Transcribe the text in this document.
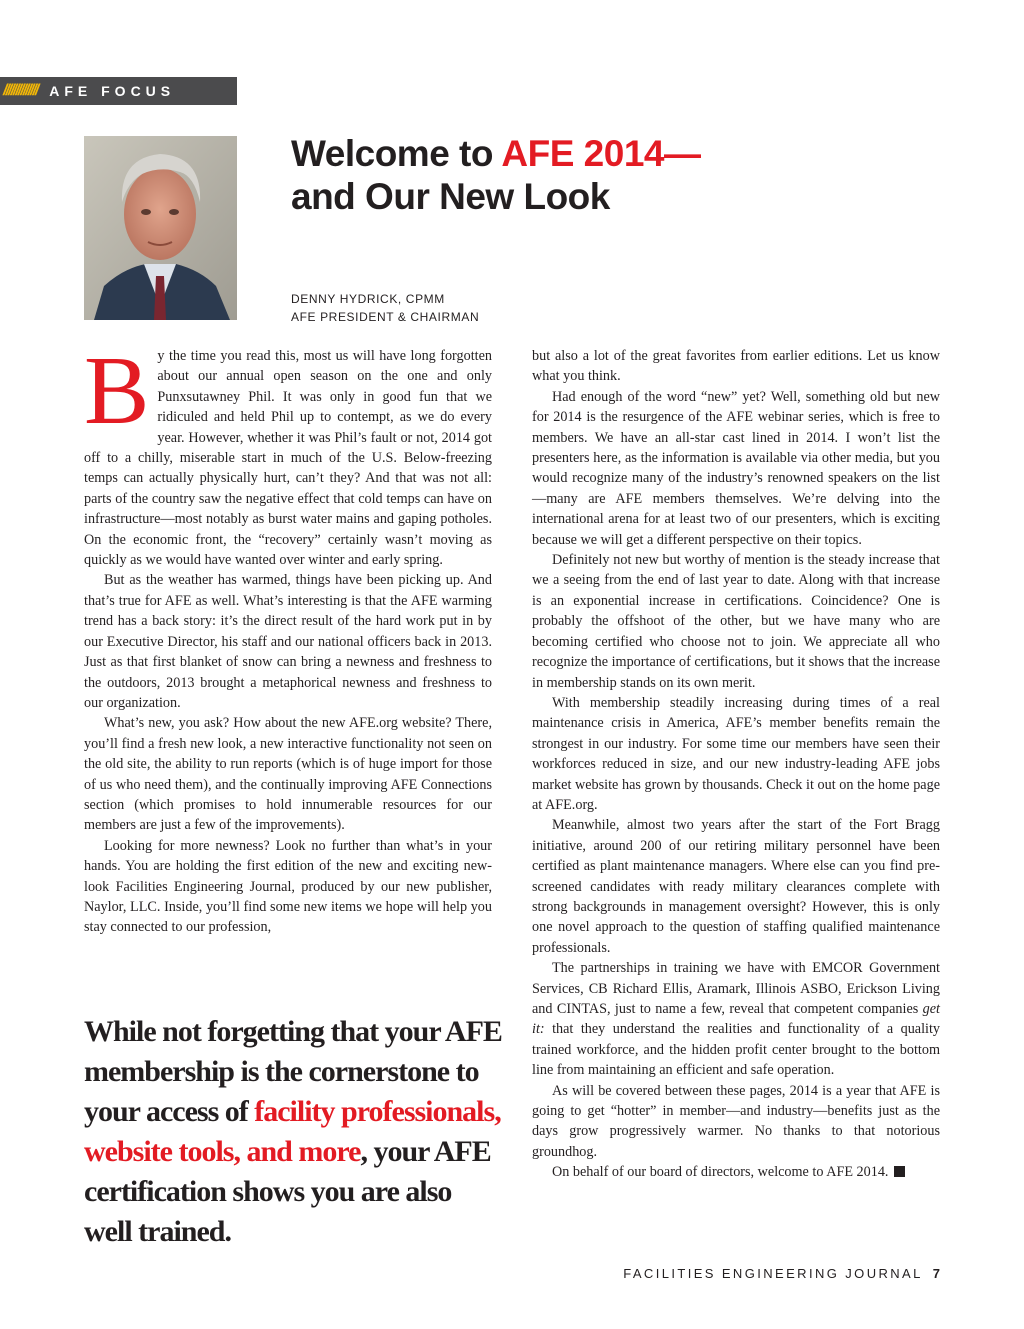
////////////// AFE FOCUS
Welcome to AFE 2014—
and Our New Look
DENNY HYDRICK, CPMM
AFE PRESIDENT & CHAIRMAN

By the time you read this, most us will have long forgotten about our annual open season on the one and only Punxsutawney Phil. It was only in good fun that we ridiculed and held Phil up to contempt, as we do every year. However, whether it was Phil’s fault or not, 2014 got off to a chilly, miserable start in much of the U.S. Below-freezing temps can actually physically hurt, can’t they? And that was not all: parts of the country saw the negative effect that cold temps can have on infrastructure—most notably as burst water mains and gaping potholes. On the economic front, the “recovery” certainly wasn’t moving as quickly as we would have wanted over winter and early spring.

But as the weather has warmed, things have been picking up. And that’s true for AFE as well. What’s interesting is that the AFE warming trend has a back story: it’s the direct result of the hard work put in by our Executive Director, his staff and our national officers back in 2013. Just as that first blanket of snow can bring a newness and freshness to the outdoors, 2013 brought a metaphorical newness and freshness to our organization.

What’s new, you ask? How about the new AFE.org website? There, you’ll find a fresh new look, a new interactive functionality not seen on the old site, the ability to run reports (which is of huge import for those of us who need them), and the continually improving AFE Connections section (which promises to hold innumerable resources for our members are just a few of the improvements).

Looking for more newness? Look no further than what’s in your hands. You are holding the first edition of the new and exciting new-look Facilities Engineering Journal, produced by our new publisher, Naylor, LLC. Inside, you’ll find some new items we hope will help you stay connected to our profession,

While not forgetting that your AFE membership is the cornerstone to your access of facility professionals, website tools, and more, your AFE certification shows you are also well trained.

but also a lot of the great favorites from earlier editions. Let us know what you think.

Had enough of the word “new” yet? Well, something old but new for 2014 is the resurgence of the AFE webinar series, which is free to members. We have an all-star cast lined in 2014. I won’t list the presenters here, as the information is available via other media, but you would recognize many of the industry’s renowned speakers on the list—many are AFE members themselves. We’re delving into the international arena for at least two of our presenters, which is exciting because we will get a different perspective on their topics.

Definitely not new but worthy of mention is the steady increase that we a seeing from the end of last year to date. Along with that increase is an exponential increase in certifications. Coincidence? One is probably the offshoot of the other, but we have many who are becoming certified who choose not to join. We appreciate all who recognize the importance of certifications, but it shows that the increase in membership stands on its own merit.

With membership steadily increasing during times of a real maintenance crisis in America, AFE’s member benefits remain the strongest in our industry. For some time our members have seen their workforces reduced in size, and our new industry-leading AFE jobs market website has grown by thousands. Check it out on the home page at AFE.org.

Meanwhile, almost two years after the start of the Fort Bragg initiative, around 200 of our retiring military personnel have been certified as plant maintenance managers. Where else can you find pre-screened candidates with ready military clearances complete with strong backgrounds in management oversight? However, this is only one novel approach to the question of staffing qualified maintenance professionals.

The partnerships in training we have with EMCOR Government Services, CB Richard Ellis, Aramark, Illinois ASBO, Erickson Living and CINTAS, just to name a few, reveal that competent companies get it: that they understand the realities and functionality of a quality trained workforce, and the hidden profit center brought to the bottom line from maintaining an efficient and safe operation.

As will be covered between these pages, 2014 is a year that AFE is going to get “hotter” in member—and industry—benefits just as the days grow progressively warmer. No thanks to that notorious groundhog.

On behalf of our board of directors, welcome to AFE 2014.

FACILITIES ENGINEERING JOURNAL 7
